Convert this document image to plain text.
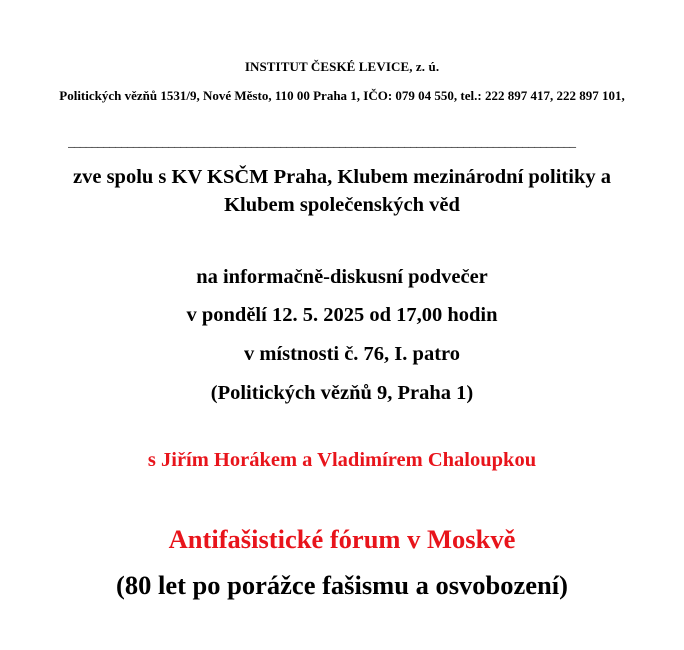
INSTITUT ČESKÉ LEVICE, z. ú.
Politických vězňů 1531/9, Nové Město, 110 00 Praha 1, IČO: 079 04 550, tel.: 222 897 417, 222 897 101,
______________________________________________________________________________________
zve spolu s KV KSČM Praha, Klubem mezinárodní politiky a Klubem společenských věd
na informačně-diskusní podvečer
v pondělí 12. 5. 2025 od 17,00 hodin
v místnosti č. 76, I. patro
(Politických vězňů 9, Praha 1)
s Jiřím Horákem a Vladimírem Chaloupkou
Antifašistické fórum v Moskvě
(80 let po porážce fašismu a osvobození)
